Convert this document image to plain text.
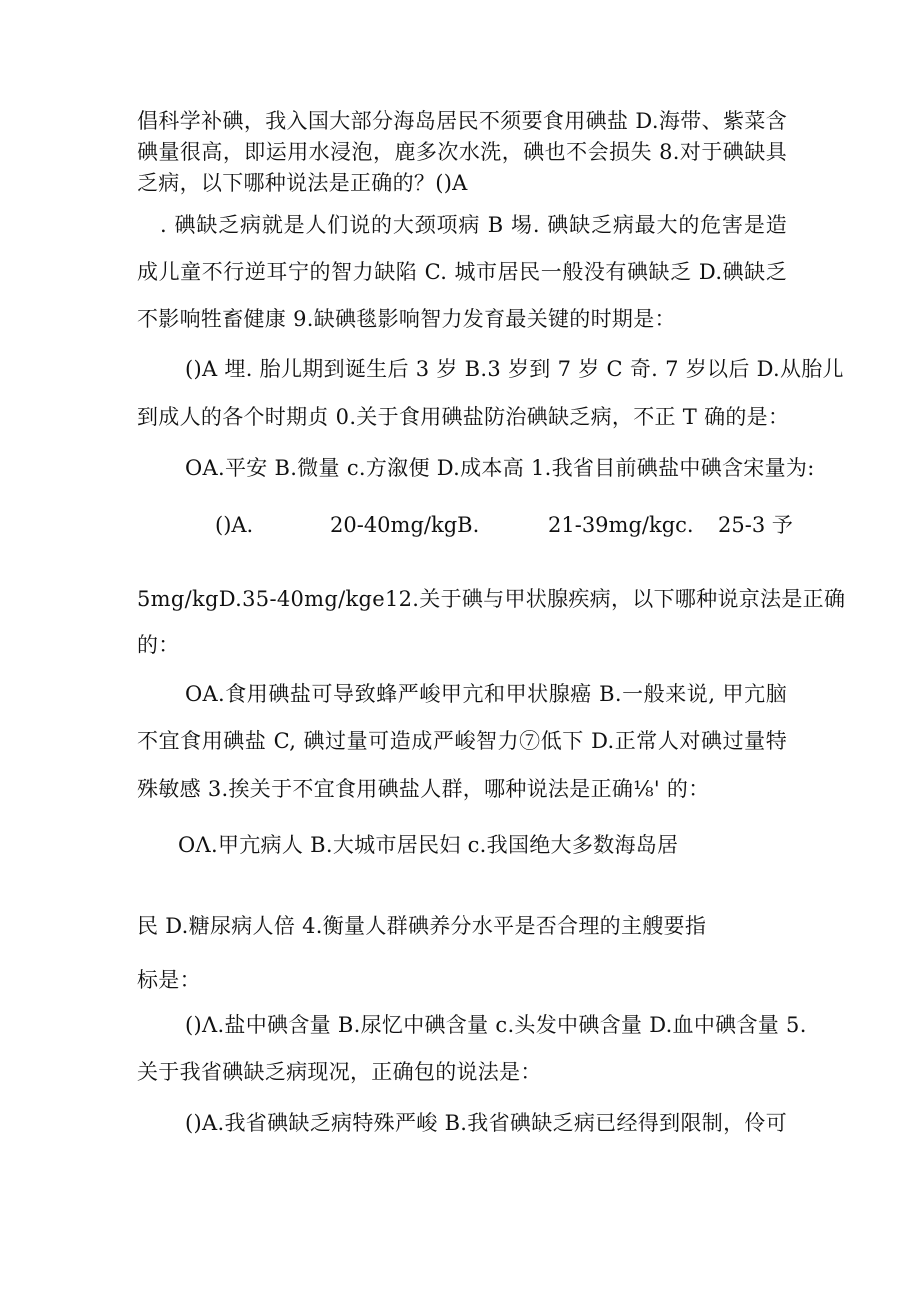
倡科学补碘，我入国大部分海岛居民不须要食用碘盐 D.海带、紫菜含
碘量很高，即运用水浸泡，鹿多次水洗，碘也不会损失 8.对于碘缺具
乏病，以下哪种说法是正确的？()A
. 碘缺乏病就是人们说的大颈项病 B 埸. 碘缺乏病最大的危害是造
成儿童不行逆耳宁的智力缺陷 C. 城市居民一般没有碘缺乏 D.碘缺乏
不影响牲畜健康 9.缺碘毯影响智力发育最关键的时期是：
()A 埋. 胎儿期到诞生后 3 岁 B.3 岁到 7 岁 C 奇. 7 岁以后 D.从胎儿
到成人的各个时期贞 0.关于食用碘盐防治碘缺乏病，不正 T 确的是：
OA.平安 B.微量 c.方溆便 D.成本高 1.我省目前碘盐中碘含宋量为:
()A.	20-40mg/kgB.	21-39mg/kgc. 25-3 予
5mg/kgD.35-40mg/kge12.关于碘与甲状腺疾病，以下哪种说京法是正确
的：
OA.食用碘盐可导致蜂严峻甲亢和甲状腺癌 B.一般来说, 甲亢脑
不宜食用碘盐 C, 碘过量可造成严峻智力⑦低下 D.正常人对碘过量特
殊敏感 3.挨关于不宜食用碘盐人群，哪种说法是正确⅛' 的：
OΛ.甲亢病人 B.大城市居民妇 c.我国绝大多数海岛居
民 D.糖尿病人倍 4.衡量人群碘养分水平是否合理的主艘要指
标是：
()Λ.盐中碘含量 B.尿忆中碘含量 c.头发中碘含量 D.血中碘含量 5.
关于我省碘缺乏病现况，正确包的说法是：
()A.我省碘缺乏病特殊严峻 B.我省碘缺乏病已经得到限制，伶可
